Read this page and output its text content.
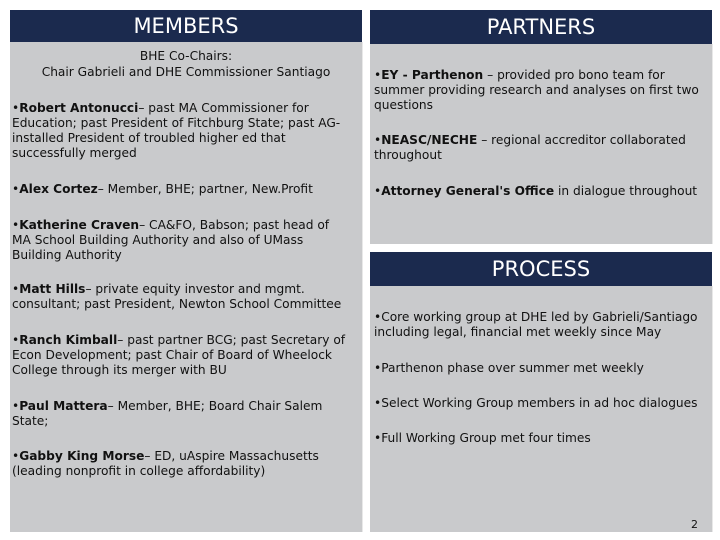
MEMBERS
BHE Co-Chairs:
Chair Gabrieli and DHE Commissioner Santiago
•Robert Antonucci– past MA Commissioner for Education; past President of Fitchburg State; past AG-installed President of troubled higher ed that successfully merged
•Alex Cortez– Member, BHE; partner, New.Profit
•Katherine Craven– CA&FO, Babson; past head of MA School Building Authority and also of UMass Building Authority
•Matt Hills– private equity investor and mgmt. consultant; past President, Newton School Committee
•Ranch Kimball– past partner BCG; past Secretary of Econ Development; past Chair of Board of Wheelock College through its merger with BU
•Paul Mattera– Member, BHE; Board Chair Salem State;
•Gabby King Morse– ED, uAspire Massachusetts (leading nonprofit in college affordability)
PARTNERS
•EY - Parthenon – provided pro bono team for summer providing research and analyses on first two questions
•NEASC/NECHE – regional accreditor collaborated throughout
•Attorney General's Office in dialogue throughout
PROCESS
•Core working group at DHE led by Gabrieli/Santiago including legal, financial met weekly since May
•Parthenon phase over summer met weekly
•Select Working Group members in ad hoc dialogues
•Full Working Group met four times
2
